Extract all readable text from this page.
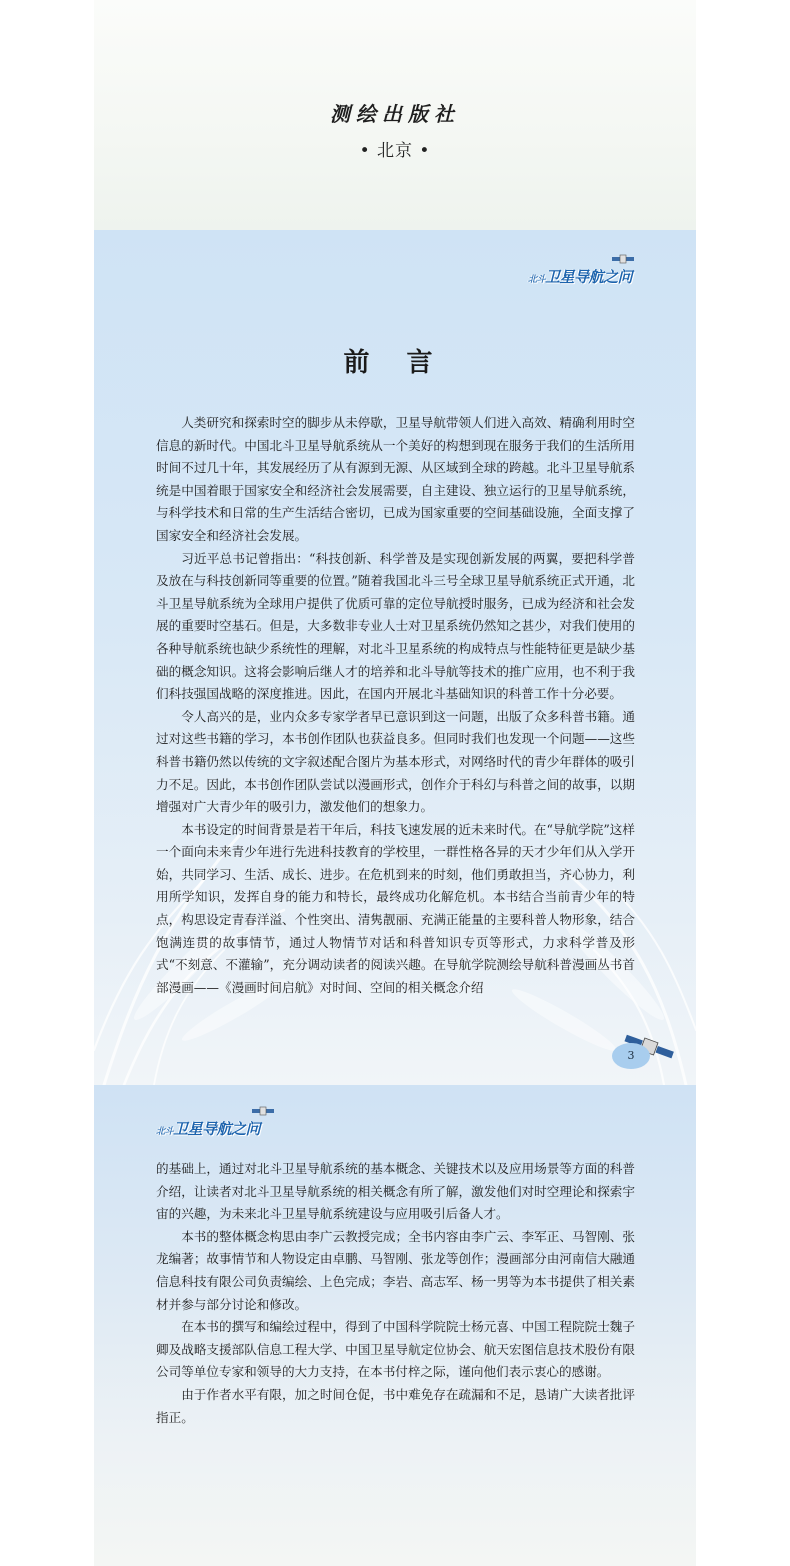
测绘出版社
• 北京 •
北斗卫星导航之问
前 言

人类研究和探索时空的脚步从未停歇，卫星导航带领人们进入高效、精确利用时空信息的新时代。中国北斗卫星导航系统从一个美好的构想到现在服务于我们的生活所用时间不过几十年，其发展经历了从有源到无源、从区域到全球的跨越。北斗卫星导航系统是中国着眼于国家安全和经济社会发展需要，自主建设、独立运行的卫星导航系统，与科学技术和日常的生产生活结合密切，已成为国家重要的空间基础设施，全面支撑了国家安全和经济社会发展。

习近平总书记曾指出：“科技创新、科学普及是实现创新发展的两翼，要把科学普及放在与科技创新同等重要的位置。”随着我国北斗三号全球卫星导航系统正式开通，北斗卫星导航系统为全球用户提供了优质可靠的定位导航授时服务，已成为经济和社会发展的重要时空基石。但是，大多数非专业人士对卫星系统仍然知之甚少，对我们使用的各种导航系统也缺少系统性的理解，对北斗卫星系统的构成特点与性能特征更是缺少基础的概念知识。这将会影响后继人才的培养和北斗导航等技术的推广应用，也不利于我们科技强国战略的深度推进。因此，在国内开展北斗基础知识的科普工作十分必要。

令人高兴的是，业内众多专家学者早已意识到这一问题，出版了众多科普书籍。通过对这些书籍的学习，本书创作团队也获益良多。但同时我们也发现一个问题——这些科普书籍仍然以传统的文字叙述配合图片为基本形式，对网络时代的青少年群体的吸引力不足。因此，本书创作团队尝试以漫画形式，创作介于科幻与科普之间的故事，以期增强对广大青少年的吸引力，激发他们的想象力。

本书设定的时间背景是若干年后，科技飞速发展的近未来时代。在“导航学院”这样一个面向未来青少年进行先进科技教育的学校里，一群性格各异的天才少年们从入学开始，共同学习、生活、成长、进步。在危机到来的时刻，他们勇敢担当，齐心协力，利用所学知识，发挥自身的能力和特长，最终成功化解危机。本书结合当前青少年的特点，构思设定青春洋溢、个性突出、清隽靓丽、充满正能量的主要科普人物形象，结合饱满连贯的故事情节，通过人物情节对话和科普知识专页等形式，力求科学普及形式“不刻意、不灌输”，充分调动读者的阅读兴趣。在导航学院测绘导航科普漫画丛书首部漫画——《漫画时间启航》对时间、空间的相关概念介绍

3
北斗卫星导航之问

的基础上，通过对北斗卫星导航系统的基本概念、关键技术以及应用场景等方面的科普介绍，让读者对北斗卫星导航系统的相关概念有所了解，激发他们对时空理论和探索宇宙的兴趣，为未来北斗卫星导航系统建设与应用吸引后备人才。

本书的整体概念构思由李广云教授完成；全书内容由李广云、李军正、马智刚、张龙编著；故事情节和人物设定由卓鹏、马智刚、张龙等创作；漫画部分由河南信大融通信息科技有限公司负责编绘、上色完成；李岩、高志军、杨一男等为本书提供了相关素材并参与部分讨论和修改。

在本书的撰写和编绘过程中，得到了中国科学院院士杨元喜、中国工程院院士魏子卿及战略支援部队信息工程大学、中国卫星导航定位协会、航天宏图信息技术股份有限公司等单位专家和领导的大力支持，在本书付梓之际，谨向他们表示衷心的感谢。

由于作者水平有限，加之时间仓促，书中难免存在疏漏和不足，恳请广大读者批评指正。
